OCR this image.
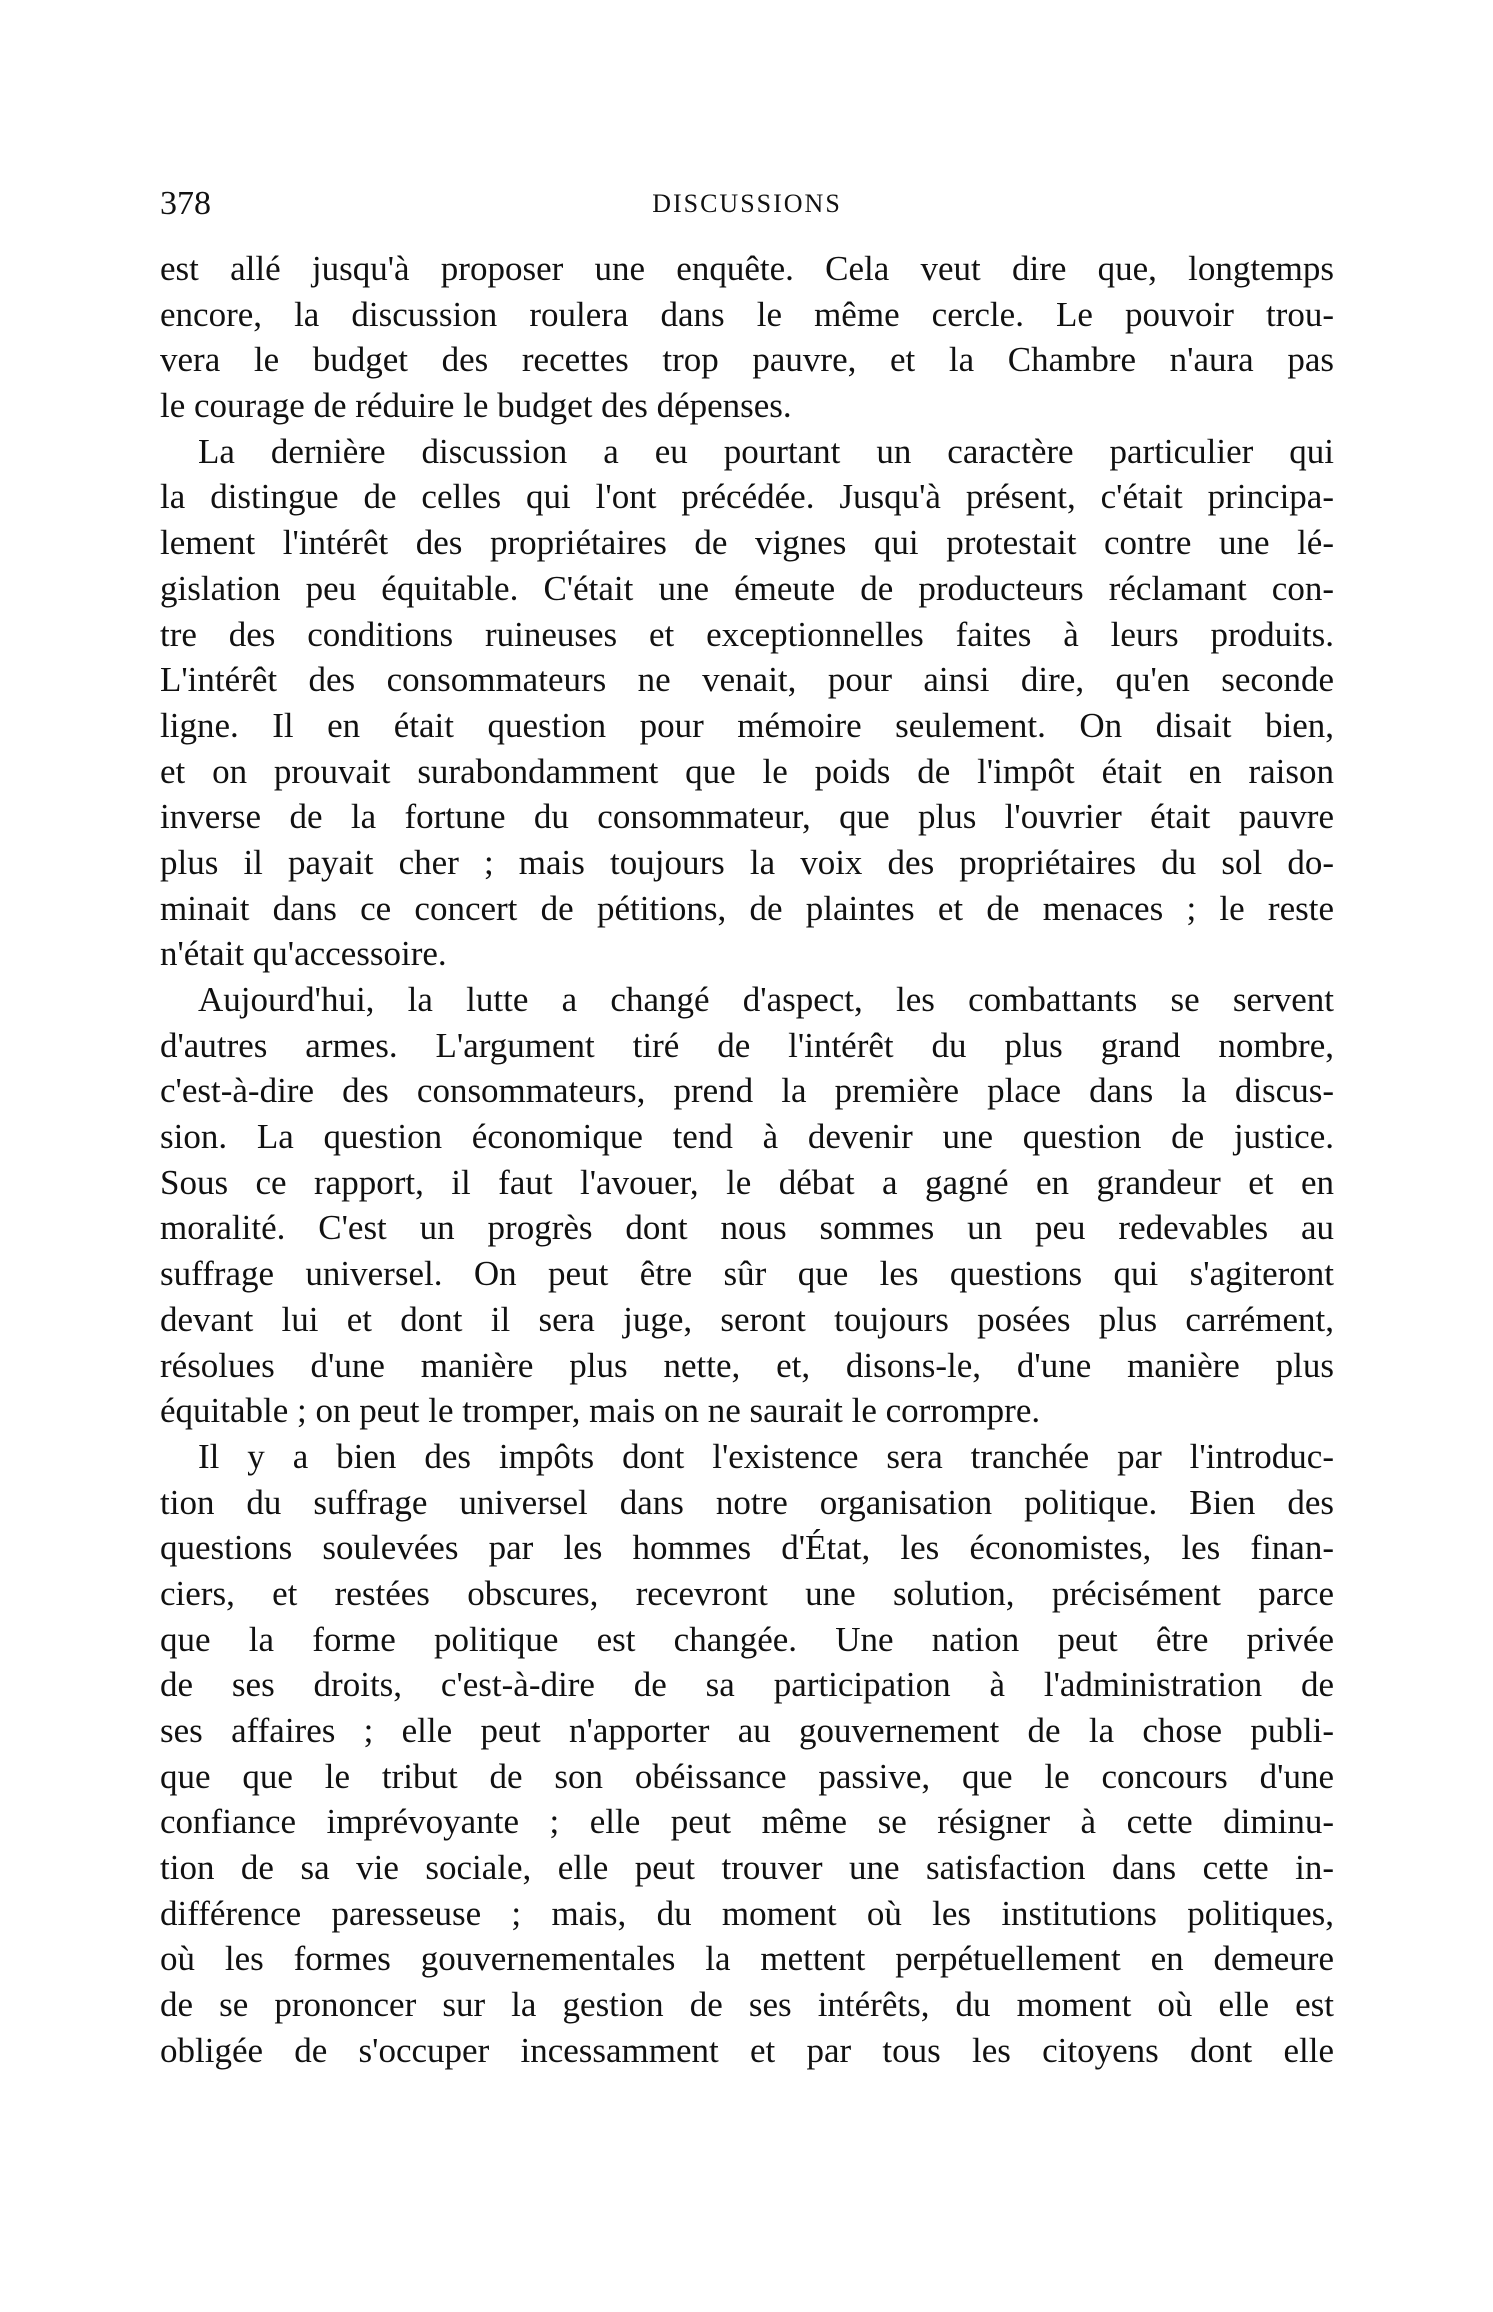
378	DISCUSSIONS
est allé jusqu'à proposer une enquête. Cela veut dire que, longtemps
encore, la discussion roulera dans le même cercle. Le pouvoir trou-
vera le budget des recettes trop pauvre, et la Chambre n'aura pas
le courage de réduire le budget des dépenses.
La dernière discussion a eu pourtant un caractère particulier qui
la distingue de celles qui l'ont précédée. Jusqu'à présent, c'était principa-
lement l'intérêt des propriétaires de vignes qui protestait contre une lé-
gislation peu équitable. C'était une émeute de producteurs réclamant con-
tre des conditions ruineuses et exceptionnelles faites à leurs produits.
L'intérêt des consommateurs ne venait, pour ainsi dire, qu'en seconde
ligne. Il en était question pour mémoire seulement. On disait bien,
et on prouvait surabondamment que le poids de l'impôt était en raison
inverse de la fortune du consommateur, que plus l'ouvrier était pauvre
plus il payait cher ; mais toujours la voix des propriétaires du sol do-
minait dans ce concert de pétitions, de plaintes et de menaces ; le reste
n'était qu'accessoire.
Aujourd'hui, la lutte a changé d'aspect, les combattants se servent
d'autres armes. L'argument tiré de l'intérêt du plus grand nombre,
c'est-à-dire des consommateurs, prend la première place dans la discus-
sion. La question économique tend à devenir une question de justice.
Sous ce rapport, il faut l'avouer, le débat a gagné en grandeur et en
moralité. C'est un progrès dont nous sommes un peu redevables au
suffrage universel. On peut être sûr que les questions qui s'agiteront
devant lui et dont il sera juge, seront toujours posées plus carrément,
résolues d'une manière plus nette, et, disons-le, d'une manière plus
équitable ; on peut le tromper, mais on ne saurait le corrompre.
Il y a bien des impôts dont l'existence sera tranchée par l'introduc-
tion du suffrage universel dans notre organisation politique. Bien des
questions soulevées par les hommes d'État, les économistes, les finan-
ciers, et restées obscures, recevront une solution, précisément parce
que la forme politique est changée. Une nation peut être privée
de ses droits, c'est-à-dire de sa participation à l'administration de
ses affaires ; elle peut n'apporter au gouvernement de la chose publi-
que que le tribut de son obéissance passive, que le concours d'une
confiance imprévoyante ; elle peut même se résigner à cette diminu-
tion de sa vie sociale, elle peut trouver une satisfaction dans cette in-
différence paresseuse ; mais, du moment où les institutions politiques,
où les formes gouvernementales la mettent perpétuellement en demeure
de se prononcer sur la gestion de ses intérêts, du moment où elle est
obligée de s'occuper incessamment et par tous les citoyens dont elle
